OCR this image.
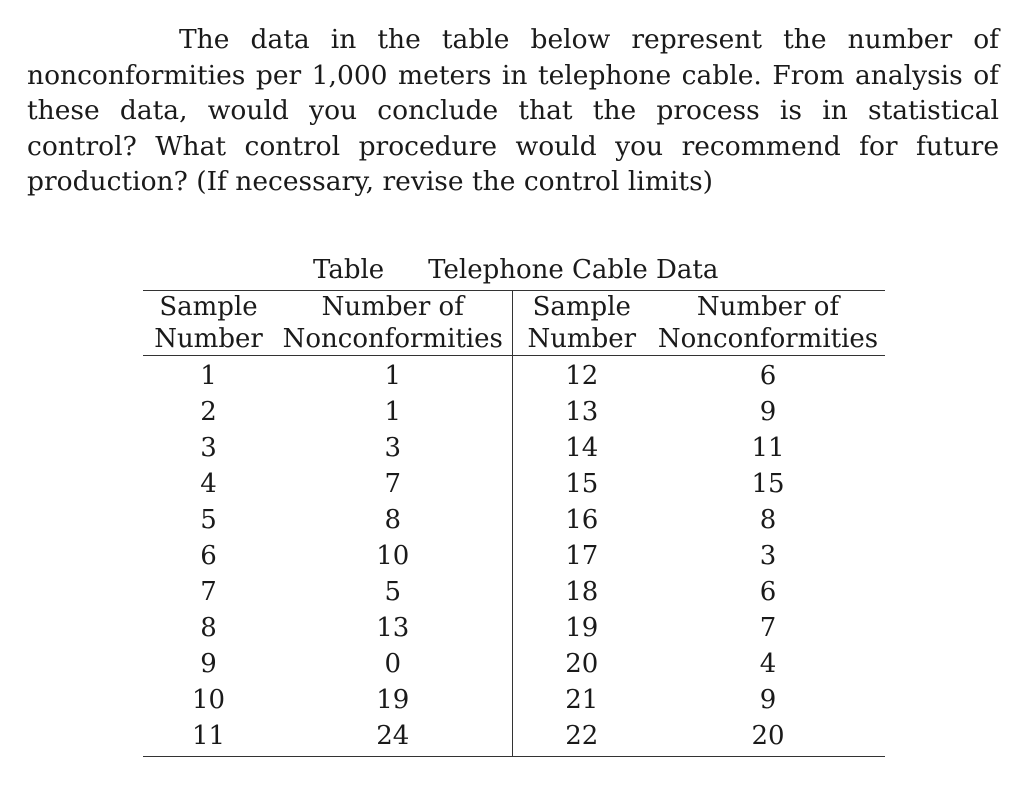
The data in the table below represent the number of nonconformities per 1,000 meters in telephone cable. From analysis of these data, would you conclude that the process is in statistical control? What control procedure would you recommend for future production? (If necessary, revise the control limits)

Table Telephone Cable Data
Sample Number	Number of Nonconformities	Sample Number	Number of Nonconformities
1	1	12	6
2	1	13	9
3	3	14	11
4	7	15	15
5	8	16	8
6	10	17	3
7	5	18	6
8	13	19	7
9	0	20	4
10	19	21	9
11	24	22	20
